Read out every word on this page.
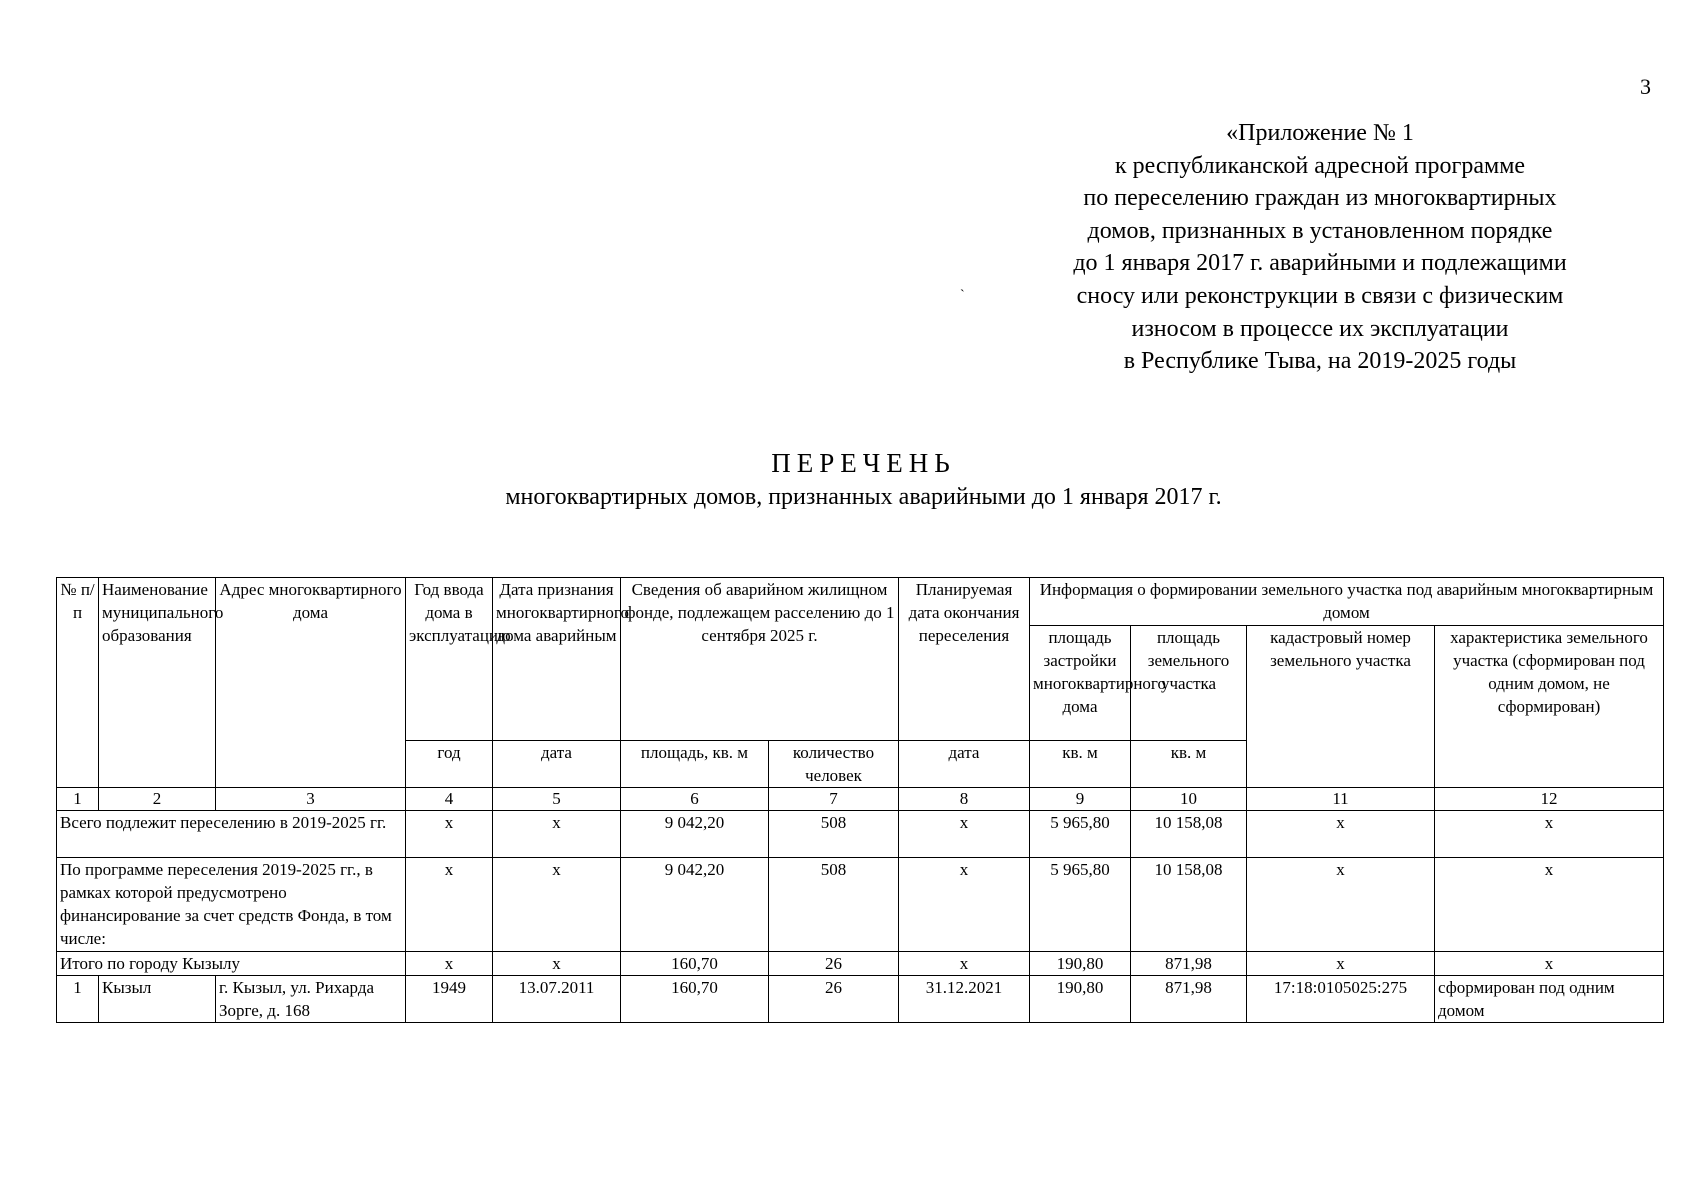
3
«Приложение № 1
к республиканской адресной программе
по переселению граждан из многоквартирных
домов, признанных в установленном порядке
до 1 января 2017 г. аварийными и подлежащими
сносу или реконструкции в связи с физическим
износом в процессе их эксплуатации
в Республике Тыва, на 2019-2025 годы
`
ПЕРЕЧЕНЬ
многоквартирных домов, признанных аварийными до 1 января 2017 г.
№ п/п	Наименование муниципального образования	Адрес многоквартирного дома	Год ввода дома в эксплуатацию	Дата признания многоквартирного дома аварийным	Сведения об аварийном жилищном фонде, подлежащем расселению до 1 сентября 2025 г.		Планируемая дата окончания переселения	Информация о формировании земельного участка под аварийным многоквартирным домом			
								площадь застройки многоквартирного дома	площадь земельного участка	кадастровый номер земельного участка	характеристика земельного участка (сформирован под одним домом, не сформирован)
			год	дата	площадь, кв. м	количество человек	дата	кв. м	кв. м		
1	2	3	4	5	6	7	8	9	10	11	12
Всего подлежит переселению в 2019-2025 гг.			x	x	9 042,20	508	x	5 965,80	10 158,08	x	x
По программе переселения 2019-2025 гг., в рамках которой предусмотрено финансирование за счет средств Фонда, в том числе:			x	x	9 042,20	508	x	5 965,80	10 158,08	x	x
Итого по городу Кызылу			x	x	160,70	26	x	190,80	871,98	x	x
1	Кызыл	г. Кызыл, ул. Рихарда Зорге, д. 168	1949	13.07.2011	160,70	26	31.12.2021	190,80	871,98	17:18:0105025:275	сформирован под одним домом
